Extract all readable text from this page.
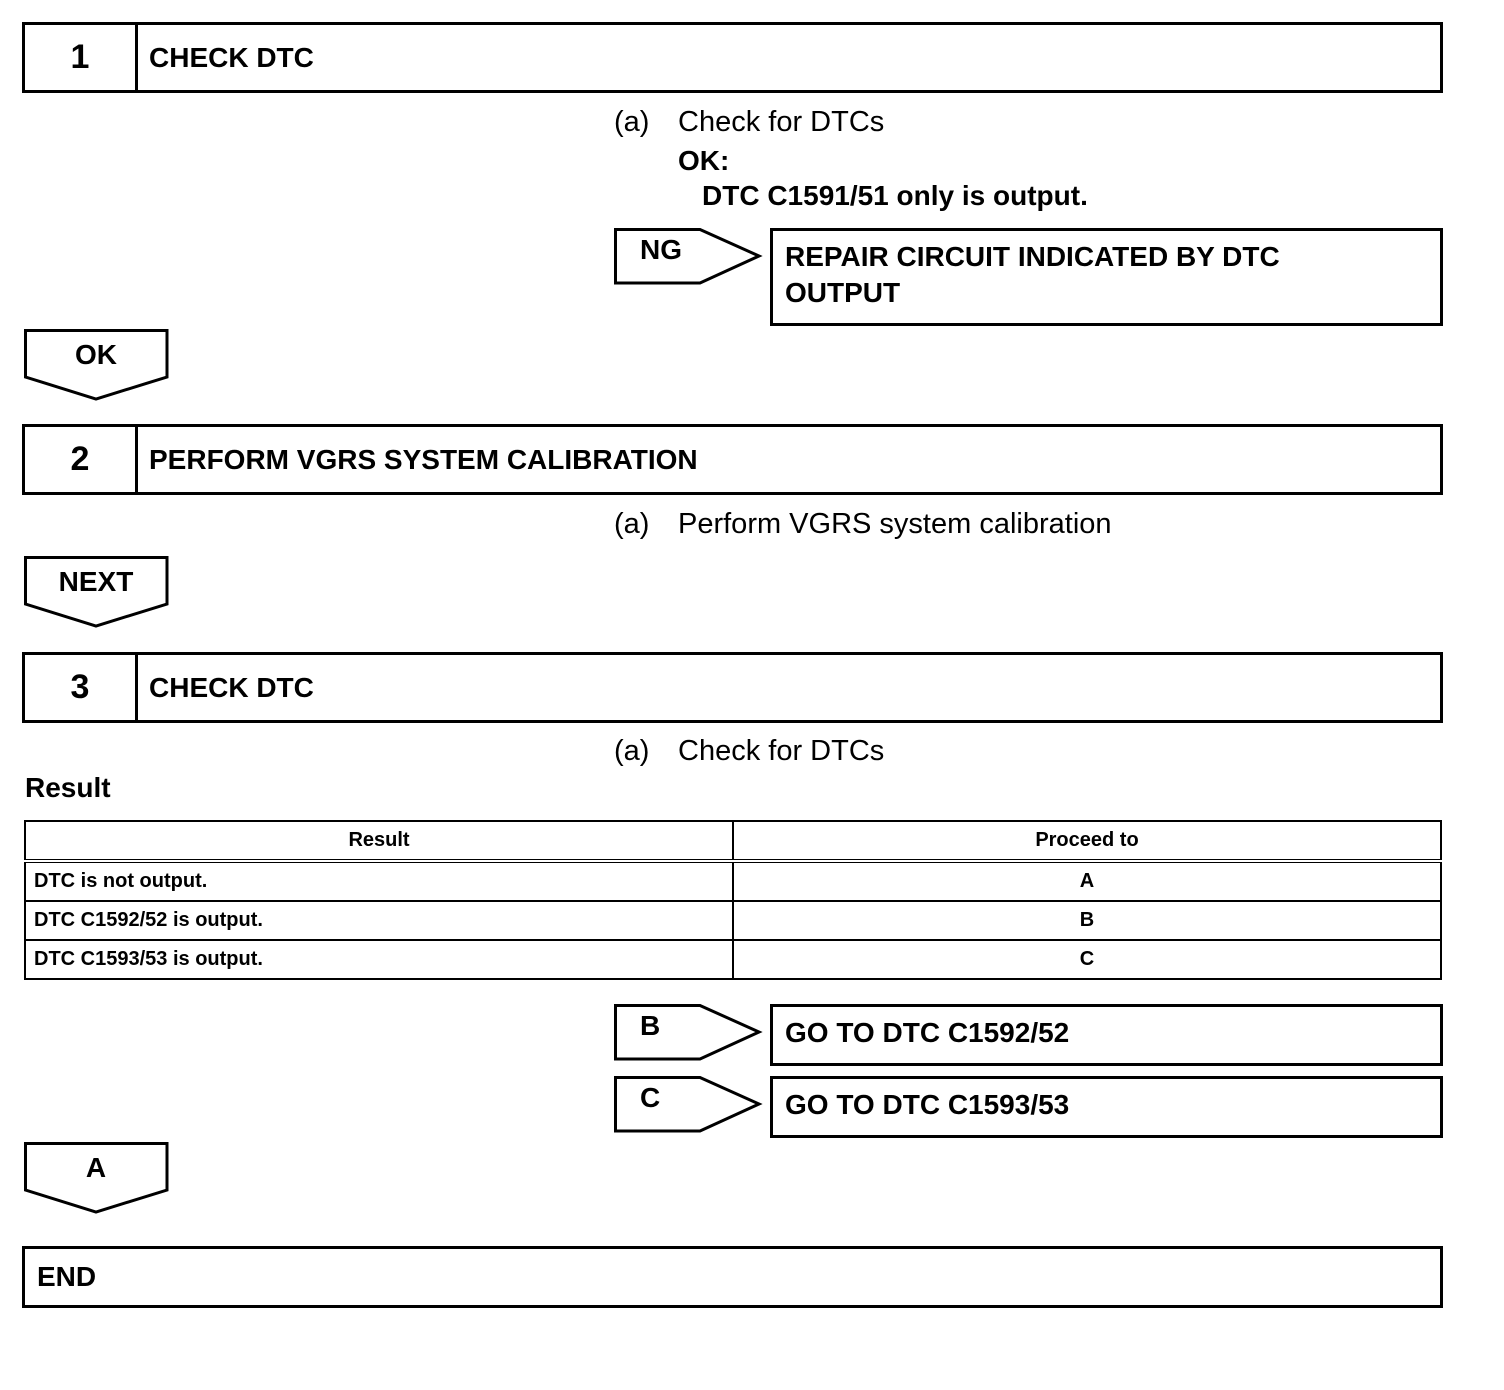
1	CHECK DTC
(a) Check for DTCs
OK:
DTC C1591/51 only is output.
NG	REPAIR CIRCUIT INDICATED BY DTC
OUTPUT
OK
2	PERFORM VGRS SYSTEM CALIBRATION
(a) Perform VGRS system calibration
NEXT
3	CHECK DTC
(a) Check for DTCs
Result
Result	Proceed to
DTC is not output.	A
DTC C1592/52 is output.	B
DTC C1593/53 is output.	C
B	GO TO DTC C1592/52
C	GO TO DTC C1593/53
A
END
